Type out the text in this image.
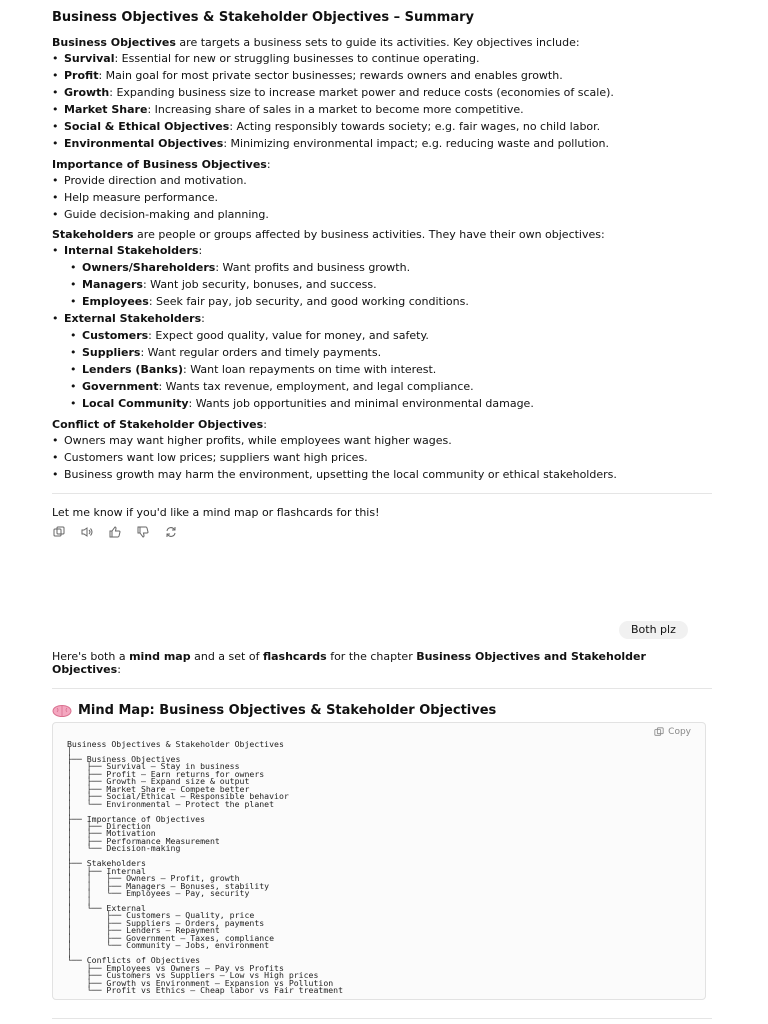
Business Objectives & Stakeholder Objectives – Summary
Business Objectives are targets a business sets to guide its activities. Key objectives include:
• Survival: Essential for new or struggling businesses to continue operating.
• Profit: Main goal for most private sector businesses; rewards owners and enables growth.
• Growth: Expanding business size to increase market power and reduce costs (economies of scale).
• Market Share: Increasing share of sales in a market to become more competitive.
• Social & Ethical Objectives: Acting responsibly towards society; e.g. fair wages, no child labor.
• Environmental Objectives: Minimizing environmental impact; e.g. reducing waste and pollution.
Importance of Business Objectives:
• Provide direction and motivation.
• Help measure performance.
• Guide decision-making and planning.
Stakeholders are people or groups affected by business activities. They have their own objectives:
• Internal Stakeholders:
• Owners/Shareholders: Want profits and business growth.
• Managers: Want job security, bonuses, and success.
• Employees: Seek fair pay, job security, and good working conditions.
• External Stakeholders:
• Customers: Expect good quality, value for money, and safety.
• Suppliers: Want regular orders and timely payments.
• Lenders (Banks): Want loan repayments on time with interest.
• Government: Wants tax revenue, employment, and legal compliance.
• Local Community: Wants job opportunities and minimal environmental damage.
Conflict of Stakeholder Objectives:
• Owners may want higher profits, while employees want higher wages.
• Customers want low prices; suppliers want high prices.
• Business growth may harm the environment, upsetting the local community or ethical stakeholders.
Let me know if you'd like a mind map or flashcards for this!
Both plz
Here's both a mind map and a set of flashcards for the chapter Business Objectives and Stakeholder Objectives:
Mind Map: Business Objectives & Stakeholder Objectives
Copy
Business Objectives & Stakeholder Objectives
│
├── Business Objectives
│   ├── Survival – Stay in business
│   ├── Profit – Earn returns for owners
│   ├── Growth – Expand size & output
│   ├── Market Share – Compete better
│   ├── Social/Ethical – Responsible behavior
│   └── Environmental – Protect the planet
│
├── Importance of Objectives
│   ├── Direction
│   ├── Motivation
│   ├── Performance Measurement
│   └── Decision-making
│
├── Stakeholders
│   ├── Internal
│   │   ├── Owners – Profit, growth
│   │   ├── Managers – Bonuses, stability
│   │   └── Employees – Pay, security
│   │
│   └── External
│       ├── Customers – Quality, price
│       ├── Suppliers – Orders, payments
│       ├── Lenders – Repayment
│       ├── Government – Taxes, compliance
│       └── Community – Jobs, environment
│
└── Conflicts of Objectives
├── Employees vs Owners – Pay vs Profits
├── Customers vs Suppliers – Low vs High prices
├── Growth vs Environment – Expansion vs Pollution
└── Profit vs Ethics – Cheap labor vs Fair treatment
